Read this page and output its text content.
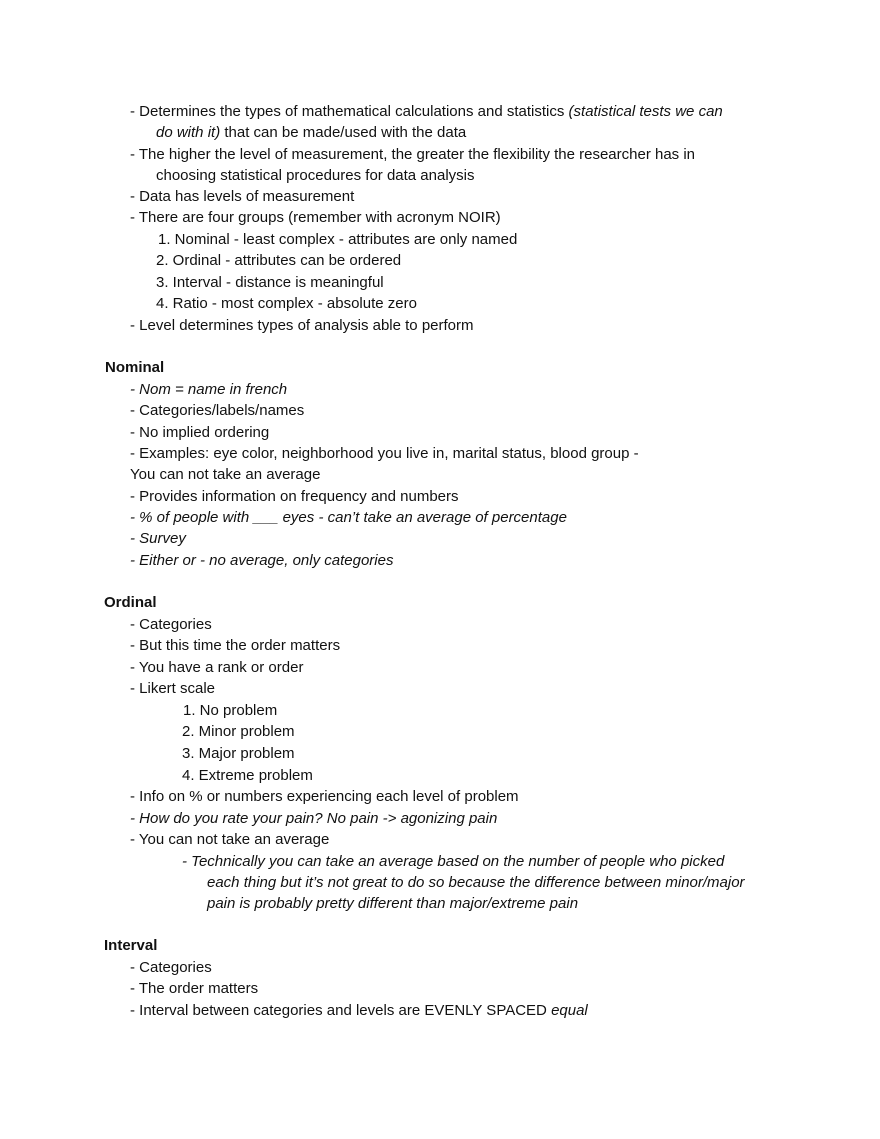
- Determines the types of mathematical calculations and statistics (statistical tests we can
do with it) that can be made/used with the data
- The higher the level of measurement, the greater the flexibility the researcher has in
choosing statistical procedures for data analysis
- Data has levels of measurement
- There are four groups (remember with acronym NOIR)
1. Nominal - least complex - attributes are only named
2. Ordinal - attributes can be ordered
3. Interval - distance is meaningful
4. Ratio - most complex - absolute zero
- Level determines types of analysis able to perform
Nominal
- Nom = name in french
- Categories/labels/names
- No implied ordering
- Examples: eye color, neighborhood you live in, marital status, blood group -
You can not take an average
- Provides information on frequency and numbers
- % of people with ___ eyes - can’t take an average of percentage
- Survey
- Either or - no average, only categories
Ordinal
- Categories
- But this time the order matters
- You have a rank or order
- Likert scale
1. No problem
2. Minor problem
3. Major problem
4. Extreme problem
- Info on % or numbers experiencing each level of problem
- How do you rate your pain? No pain -> agonizing pain
- You can not take an average
- Technically you can take an average based on the number of people who picked
each thing but it’s not great to do so because the difference between minor/major
pain is probably pretty different than major/extreme pain
Interval
- Categories
- The order matters
- Interval between categories and levels are EVENLY SPACED equal
